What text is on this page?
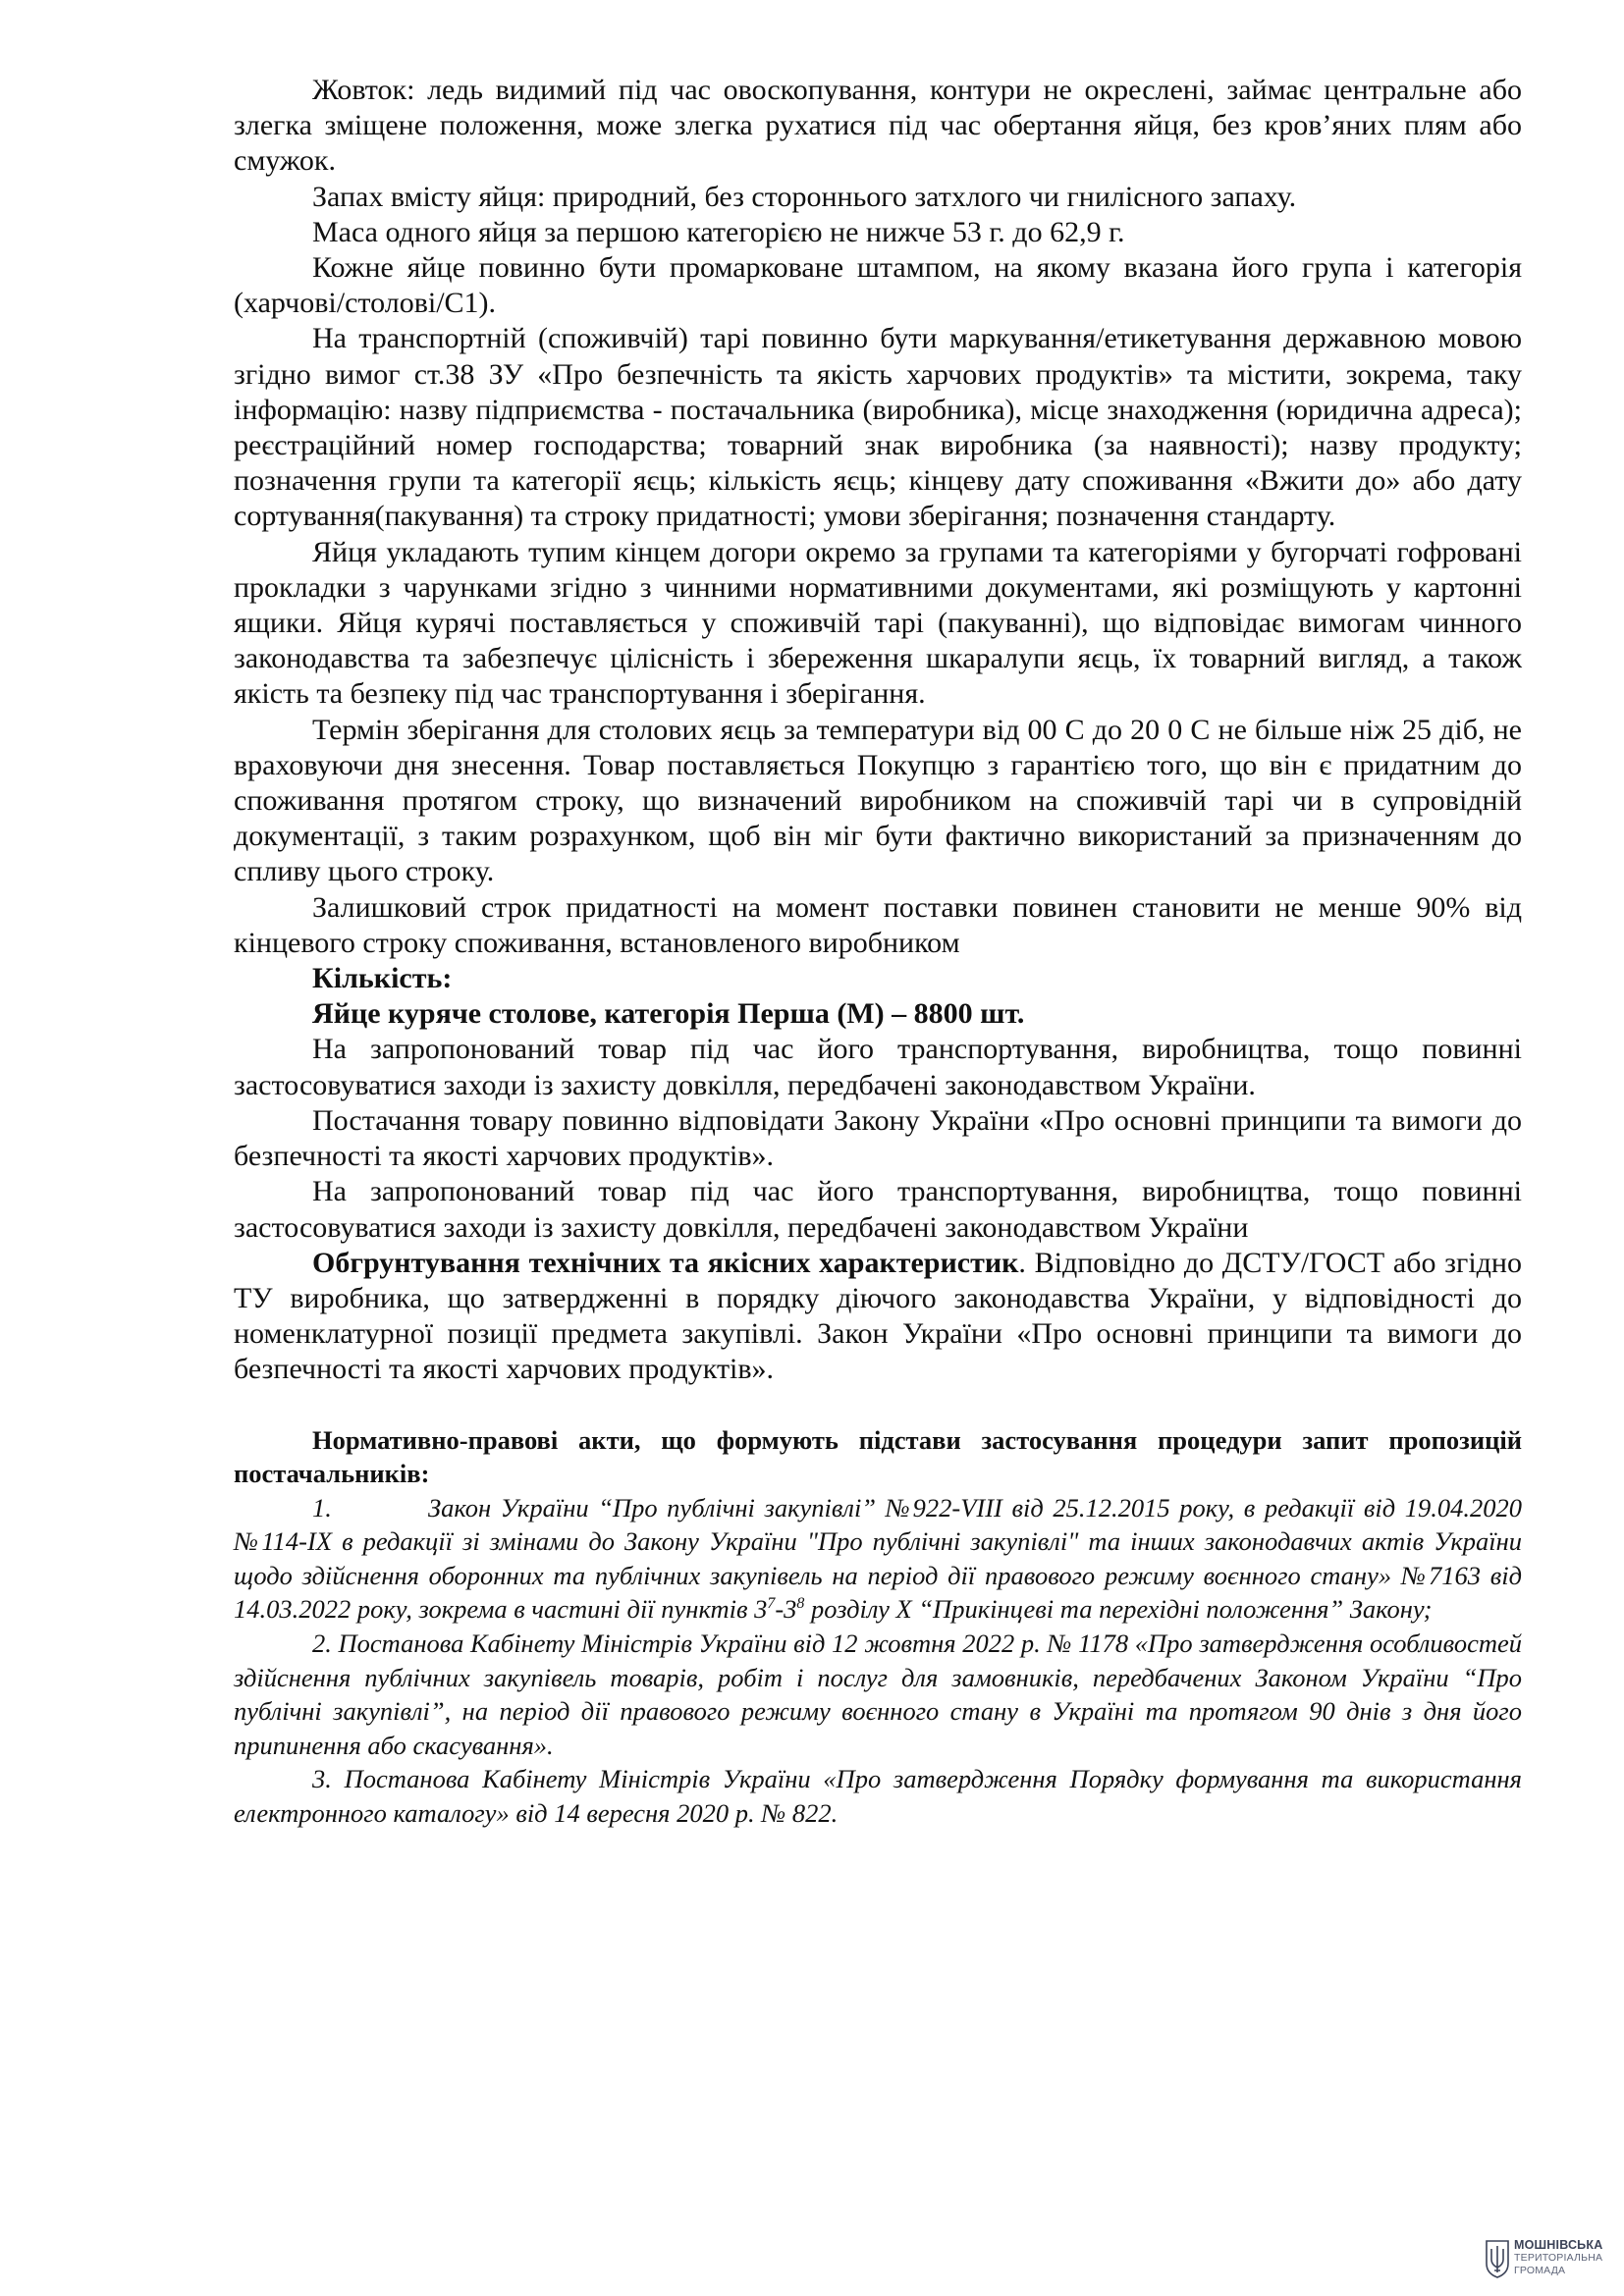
Жовток: ледь видимий під час овоскопування, контури не окреслені, займає центральне або злегка зміщене положення, може злегка рухатися під час обертання яйця, без кров’яних плям або смужок.

Запах вмісту яйця: природний, без стороннього затхлого чи гнилісного запаху.

Маса одного яйця за першою категорією не нижче 53 г. до 62,9 г.

Кожне яйце повинно бути промарковане штампом, на якому вказана його група і категорія (харчові/столові/С1).

На транспортній (споживчій) тарі повинно бути маркування/етикетування державною мовою згідно вимог ст.38 ЗУ «Про безпечність та якість харчових продуктів» та містити, зокрема, таку інформацію: назву підприємства - постачальника (виробника), місце знаходження (юридична адреса); реєстраційний номер господарства; товарний знак виробника (за наявності); назву продукту; позначення групи та категорії яєць; кількість яєць; кінцеву дату споживання «Вжити до» або дату сортування(пакування) та строку придатності; умови зберігання; позначення стандарту.

Яйця укладають тупим кінцем догори окремо за групами та категоріями у бугорчаті гофровані прокладки з чарунками згідно з чинними нормативними документами, які розміщують у картонні ящики. Яйця курячі поставляється у споживчій тарі (пакуванні), що відповідає вимогам чинного законодавства та забезпечує цілісність і збереження шкаралупи яєць, їх товарний вигляд, а також якість та безпеку під час транспортування і зберігання.

Термін зберігання для столових яєць за температури від 00 С до 20 0 С не більше ніж 25 діб, не враховуючи дня знесення. Товар поставляється Покупцю з гарантією того, що він є придатним до споживання протягом строку, що визначений виробником на споживчій тарі чи в супровідній документації, з таким розрахунком, щоб він міг бути фактично використаний за призначенням до спливу цього строку.

Залишковий строк придатності на момент поставки повинен становити не менше 90% від кінцевого строку споживання, встановленого виробником

Кількість:

Яйце куряче столове, категорія Перша (М) – 8800 шт.

На запропонований товар під час його транспортування, виробництва, тощо повинні застосовуватися заходи із захисту довкілля, передбачені законодавством України.

Постачання товару повинно відповідати Закону України «Про основні принципи та вимоги до безпечності та якості харчових продуктів».

На запропонований товар під час його транспортування, виробництва, тощо повинні застосовуватися заходи із захисту довкілля, передбачені законодавством України

Обгрунтування технічних та якісних характеристик. Відповідно до ДСТУ/ГОСТ або згідно ТУ виробника, що затвердженні в порядку діючого законодавства України, у відповідності до номенклатурної позиції предмета закупівлі. Закон України «Про основні принципи та вимоги до безпечності та якості харчових продуктів».

Нормативно-правові акти, що формують підстави застосування процедури запит пропозицій постачальників:

1.	Закон України “Про публічні закупівлі” №922-VIII від 25.12.2015 року, в редакції від 19.04.2020 №114-IX в редакції зі змінами до Закону України "Про публічні закупівлі" та інших законодавчих актів України щодо здійснення оборонних та публічних закупівель на період дії правового режиму воєнного стану» №7163 від 14.03.2022 року, зокрема в частині дії пунктів $3^7-3^8$ розділу X “Прикінцеві та перехідні положення” Закону;

2. Постанова Кабінету Міністрів України від 12 жовтня 2022 р. № 1178 «Про затвердження особливостей здійснення публічних закупівель товарів, робіт і послуг для замовників, передбачених Законом України “Про публічні закупівлі”, на період дії правового режиму воєнного стану в Україні та протягом 90 днів з дня його припинення або скасування».

3. Постанова Кабінету Міністрів України «Про затвердження Порядку формування та використання електронного каталогу» від 14 вересня 2020 р. № 822.

МОШНІВСЬКА
ТЕРИТОРІАЛЬНА
ГРОМАДА
